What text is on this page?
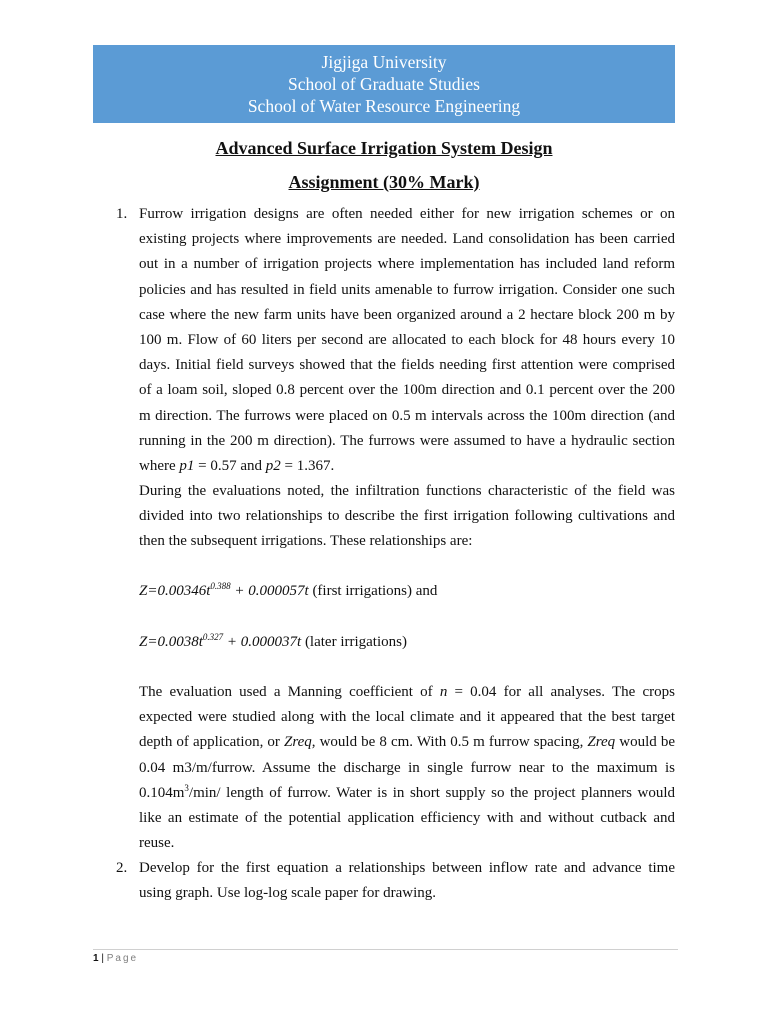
Jigjiga University
School of Graduate Studies
School of Water Resource Engineering
Advanced Surface Irrigation System Design
Assignment (30% Mark)
1. Furrow irrigation designs are often needed either for new irrigation schemes or on existing projects where improvements are needed. Land consolidation has been carried out in a number of irrigation projects where implementation has included land reform policies and has resulted in field units amenable to furrow irrigation. Consider one such case where the new farm units have been organized around a 2 hectare block 200 m by 100 m. Flow of 60 liters per second are allocated to each block for 48 hours every 10 days. Initial field surveys showed that the fields needing first attention were comprised of a loam soil, sloped 0.8 percent over the 100m direction and 0.1 percent over the 200 m direction. The furrows were placed on 0.5 m intervals across the 100m direction (and running in the 200 m direction). The furrows were assumed to have a hydraulic section where p1 = 0.57 and p2 = 1.367.
During the evaluations noted, the infiltration functions characteristic of the field was divided into two relationships to describe the first irrigation following cultivations and then the subsequent irrigations. These relationships are:
$Z=0.00346t^{0.388} + 0.000057t$ (first irrigations) and
$Z=0.0038t^{0.327} + 0.000037t$ (later irrigations)
The evaluation used a Manning coefficient of n = 0.04 for all analyses. The crops expected were studied along with the local climate and it appeared that the best target depth of application, or Zreq, would be 8 cm. With 0.5 m furrow spacing, Zreq would be 0.04 m3/m/furrow. Assume the discharge in single furrow near to the maximum is $0.104m^3/\min/$ length of furrow. Water is in short supply so the project planners would like an estimate of the potential application efficiency with and without cutback and reuse.
2. Develop for the first equation a relationships between inflow rate and advance time using graph. Use log-log scale paper for drawing.
1 | Page
